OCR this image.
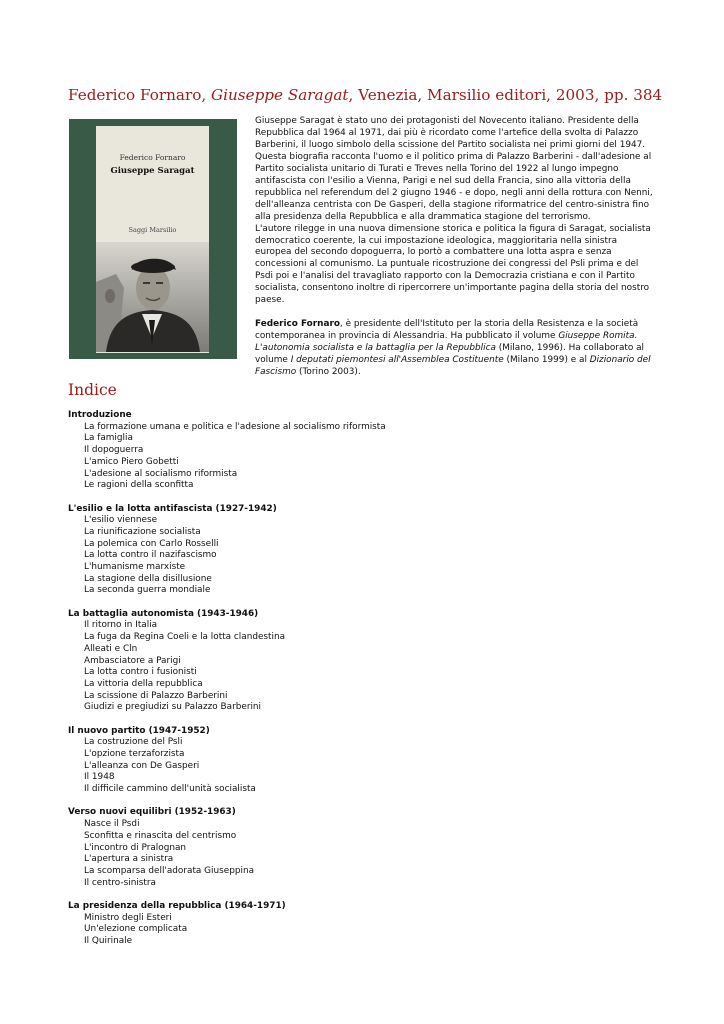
Federico Fornaro, Giuseppe Saragat, Venezia, Marsilio editori, 2003, pp. 384
Federico Fornaro
Giuseppe Saragat
Saggi Marsilio

Giuseppe Saragat è stato uno dei protagonisti del Novecento italiano. Presidente della Repubblica dal 1964 al 1971, dai più è ricordato come l'artefice della svolta di Palazzo Barberini, il luogo simbolo della scissione del Partito socialista nei primi giorni del 1947. Questa biografia racconta l'uomo e il politico prima di Palazzo Barberini - dall'adesione al Partito socialista unitario di Turati e Treves nella Torino del 1922 al lungo impegno antifascista con l'esilio a Vienna, Parigi e nel sud della Francia, sino alla vittoria della repubblica nel referendum del 2 giugno 1946 - e dopo, negli anni della rottura con Nenni, dell'alleanza centrista con De Gasperi, della stagione riformatrice del centro-sinistra fino alla presidenza della Repubblica e alla drammatica stagione del terrorismo.

L'autore rilegge in una nuova dimensione storica e politica la figura di Saragat, socialista democratico coerente, la cui impostazione ideologica, maggioritaria nella sinistra europea del secondo dopoguerra, lo portò a combattere una lotta aspra e senza concessioni al comunismo. La puntuale ricostruzione dei congressi del Psli prima e del Psdi poi e l'analisi del travagliato rapporto con la Democrazia cristiana e con il Partito socialista, consentono inoltre di ripercorrere un'importante pagina della storia del nostro paese.

Federico Fornaro, è presidente dell'Istituto per la storia della Resistenza e la società contemporanea in provincia di Alessandria. Ha pubblicato il volume Giuseppe Romita. L'autonomia socialista e la battaglia per la Repubblica (Milano, 1996). Ha collaborato al volume I deputati piemontesi all'Assemblea Costituente (Milano 1999) e al Dizionario del Fascismo (Torino 2003).

Indice
Introduzione
La formazione umana e politica e l'adesione al socialismo riformista
La famiglia
Il dopoguerra
L'amico Piero Gobetti
L'adesione al socialismo riformista
Le ragioni della sconfitta
L'esilio e la lotta antifascista (1927-1942)
L'esilio viennese
La riunificazione socialista
La polemica con Carlo Rosselli
La lotta contro il nazifascismo
L'humanisme marxiste
La stagione della disillusione
La seconda guerra mondiale
La battaglia autonomista (1943-1946)
Il ritorno in Italia
La fuga da Regina Coeli e la lotta clandestina
Alleati e Cln
Ambasciatore a Parigi
La lotta contro i fusionisti
La vittoria della repubblica
La scissione di Palazzo Barberini
Giudizi e pregiudizi su Palazzo Barberini
Il nuovo partito (1947-1952)
La costruzione del Psli
L'opzione terzaforzista
L'alleanza con De Gasperi
Il 1948
Il difficile cammino dell'unità socialista
Verso nuovi equilibri (1952-1963)
Nasce il Psdi
Sconfitta e rinascita del centrismo
L'incontro di Pralognan
L'apertura a sinistra
La scomparsa dell'adorata Giuseppina
Il centro-sinistra
La presidenza della repubblica (1964-1971)
Ministro degli Esteri
Un'elezione complicata
Il Quirinale
